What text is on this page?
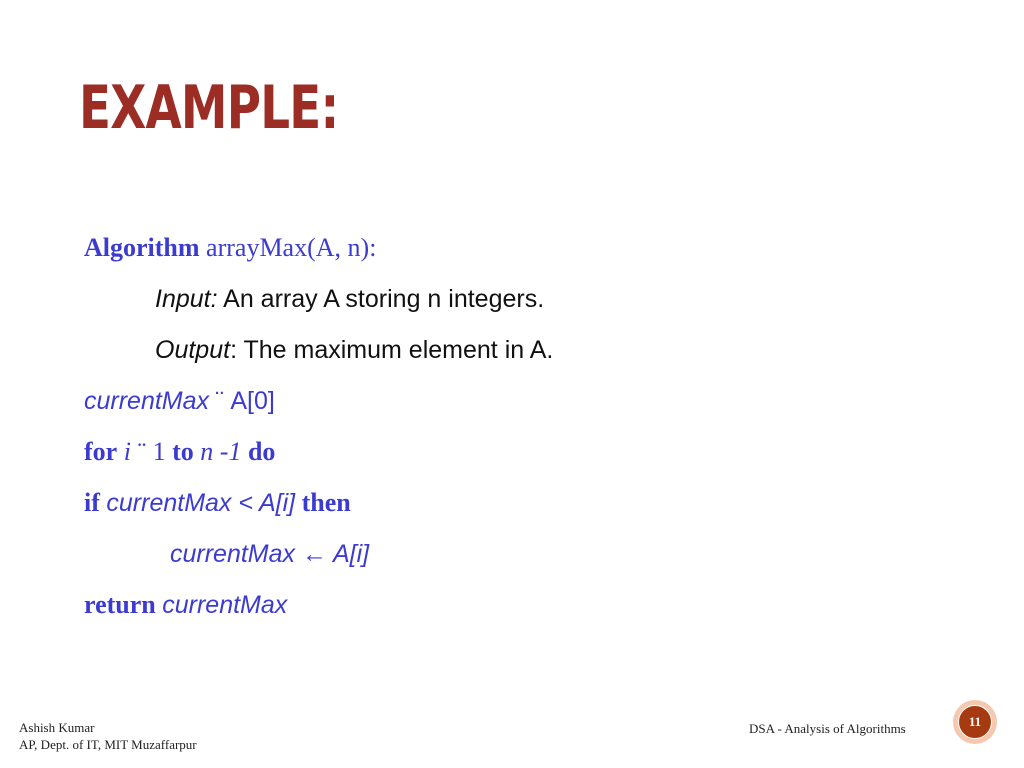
EXAMPLE:
Algorithm arrayMax(A, n):
Input: An array A storing n integers.
Output: The maximum element in A.
currentMax ¨ A[0]
for i ¨ 1 to n -1 do
if currentMax < A[i] then
currentMax ← A[i]
return currentMax
Ashish Kumar
AP, Dept. of IT, MIT Muzaffarpur
DSA - Analysis of Algorithms	11
